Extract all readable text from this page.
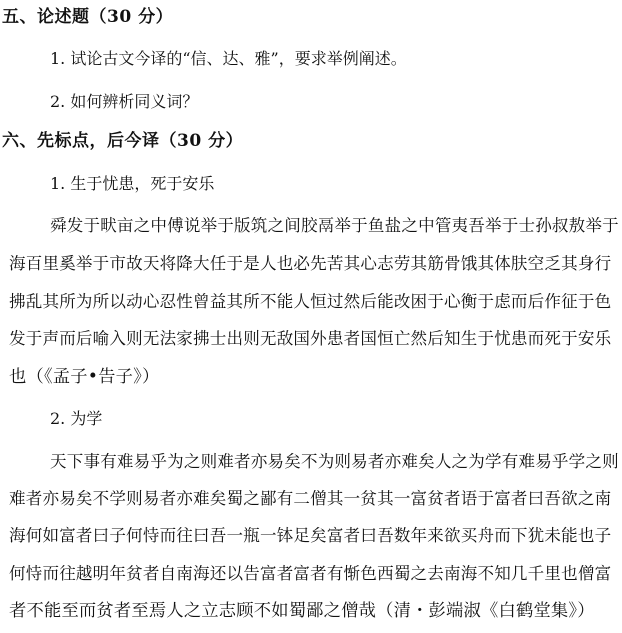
五、论述题（30 分）
1. 试论古文今译的“信、达、雅”，要求举例阐述。
2. 如何辨析同义词？
六、先标点，后今译（30 分）
1. 生于忧患，死于安乐
舜发于畎亩之中傅说举于版筑之间胶鬲举于鱼盐之中管夷吾举于士孙叔敖举于
海百里奚举于市故天将降大任于是人也必先苦其心志劳其筋骨饿其体肤空乏其身行
拂乱其所为所以动心忍性曾益其所不能人恒过然后能改困于心衡于虑而后作征于色
发于声而后喻入则无法家拂士出则无敌国外患者国恒亡然后知生于忧患而死于安乐
也（《孟子•告子》）
2. 为学
天下事有难易乎为之则难者亦易矣不为则易者亦难矣人之为学有难易乎学之则
难者亦易矣不学则易者亦难矣蜀之鄙有二僧其一贫其一富贫者语于富者曰吾欲之南
海何如富者曰子何恃而往曰吾一瓶一钵足矣富者曰吾数年来欲买舟而下犹未能也子
何恃而往越明年贫者自南海还以告富者富者有惭色西蜀之去南海不知几千里也僧富
者不能至而贫者至焉人之立志顾不如蜀鄙之僧哉（清・彭端淑《白鹤堂集》）
